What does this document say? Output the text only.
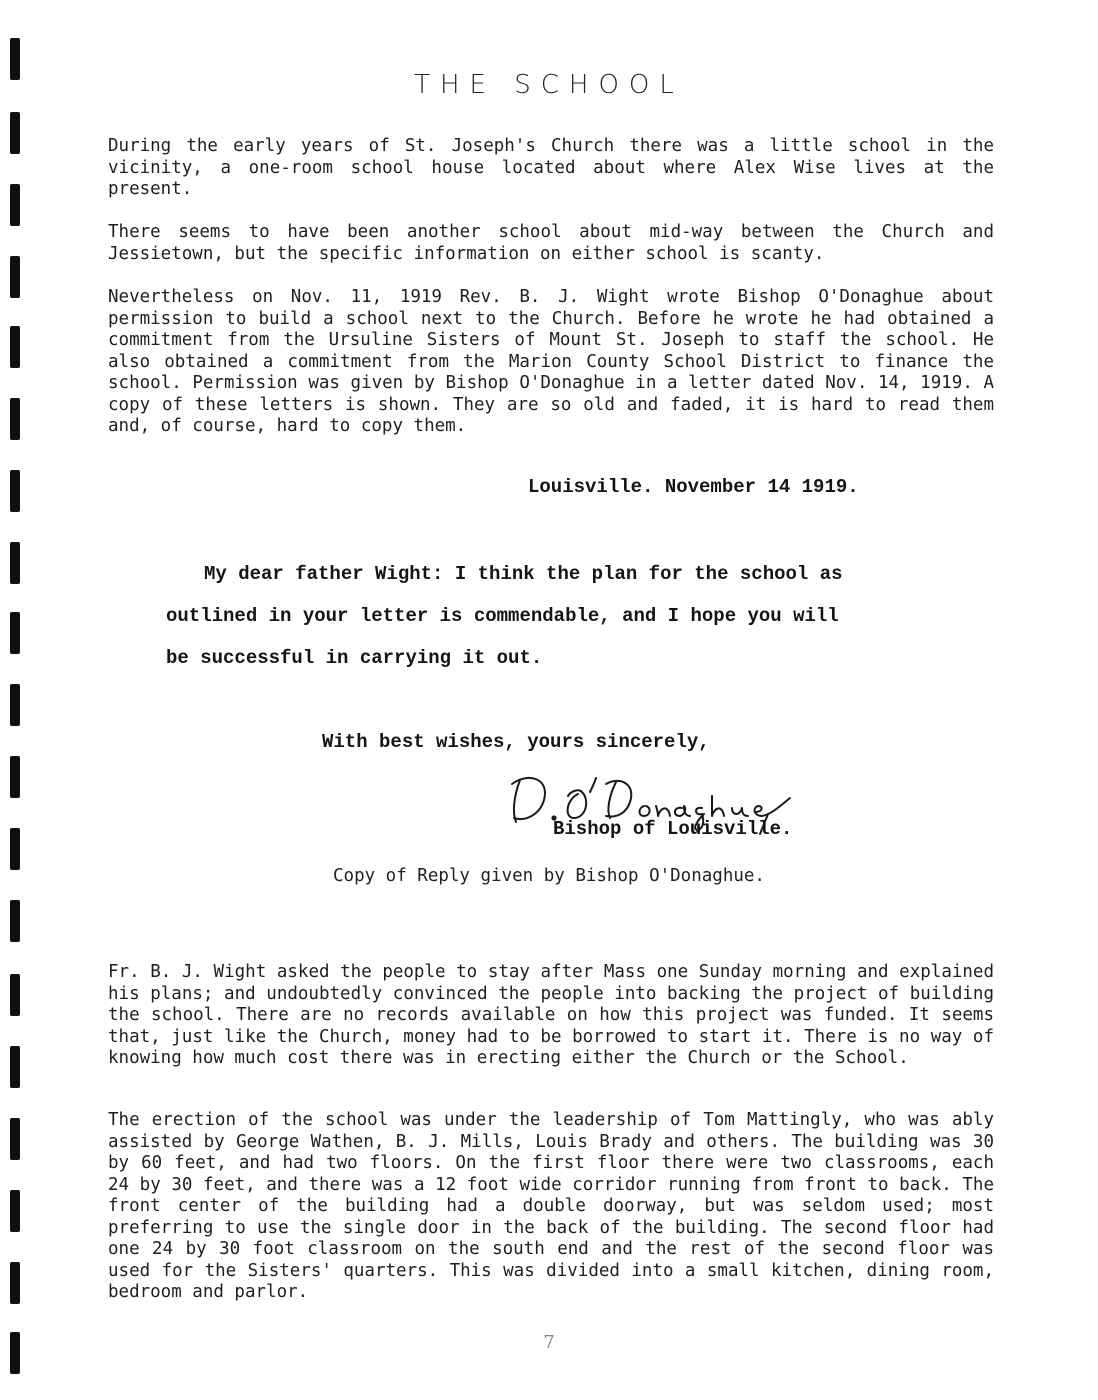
THE SCHOOL

During the early years of St. Joseph's Church there was a little school in the vicinity, a one-room school house located about where Alex Wise lives at the present.

There seems to have been another school about mid-way between the Church and Jessietown, but the specific information on either school is scanty.

Nevertheless on Nov. 11, 1919 Rev. B. J. Wight wrote Bishop O'Donaghue about permission to build a school next to the Church. Before he wrote he had obtained a commitment from the Ursuline Sisters of Mount St. Joseph to staff the school. He also obtained a commitment from the Marion County School District to finance the school. Permission was given by Bishop O'Donaghue in a letter dated Nov. 14, 1919. A copy of these letters is shown. They are so old and faded, it is hard to read them and, of course, hard to copy them.

Louisville. November 14 1919.
My dear father Wight: I think the plan for the school as
outlined in your letter is commendable, and I hope you will
be successful in carrying it out.
With best wishes, yours sincerely,
Bishop of Louisville.
Copy of Reply given by Bishop O'Donaghue.

Fr. B. J. Wight asked the people to stay after Mass one Sunday morning and explained his plans; and undoubtedly convinced the people into backing the project of building the school. There are no records available on how this project was funded. It seems that, just like the Church, money had to be borrowed to start it. There is no way of knowing how much cost there was in erecting either the Church or the School.

The erection of the school was under the leadership of Tom Mattingly, who was ably assisted by George Wathen, B. J. Mills, Louis Brady and others. The building was 30 by 60 feet, and had two floors. On the first floor there were two classrooms, each 24 by 30 feet, and there was a 12 foot wide corridor running from front to back. The front center of the building had a double doorway, but was seldom used; most preferring to use the single door in the back of the building. The second floor had one 24 by 30 foot classroom on the south end and the rest of the second floor was used for the Sisters' quarters. This was divided into a small kitchen, dining room, bedroom and parlor.

7
